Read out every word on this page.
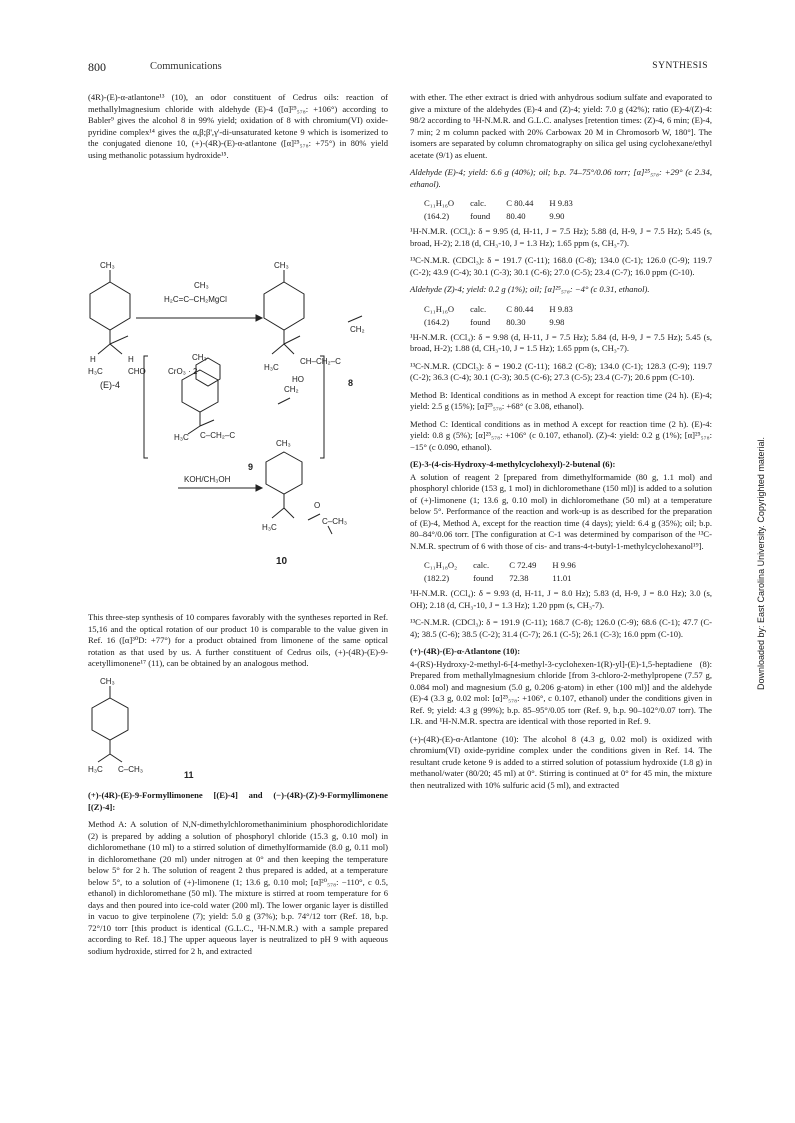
800	Communications	SYNTHESIS

(4R)-(E)-α-atlantone¹³ (10), an odor constituent of Cedrus oils: reaction of methallylmagnesium chloride with aldehyde (E)-4 ([α]²⁵₅₇₈: +106°) according to Babler⁹ gives the alcohol 8 in 99% yield; oxidation of 8 with chromium(VI) oxide-pyridine complex¹⁴ gives the α,β;β',γ'-di-unsaturated ketone 9 which is isomerized to the conjugated dienone 10, (+)-(4R)-(E)-α-atlantone ([α]²⁵₅₇₈: +75°) in 80% yield using methanolic potassium hydroxide¹⁵.

CH₃
H
H
H₃C	CHO
(E)-4
CH₃
H₂C=C–CH₂MgCl
CH₃
CH–CH₂–C
H₃C
HO
CH₂
8
CrO₃ · 2
CH₃
H₃C C–CH₂–C
CH₂
9
KOH/CH₃OH
CH₃
H₃C
C–CH₃
O
10

This three-step synthesis of 10 compares favorably with the syntheses reported in Ref. 15,16 and the optical rotation of our product 10 is comparable to the value given in Ref. 16 ([α]³⁰D: +77°) for a product obtained from limonene of the same optical rotation as that used by us. A further constituent of Cedrus oils, (+)-(4R)-(E)-9-acetyllimonene¹⁷ (11), can be obtained by an analogous method.

CH₃
H₃C C–CH₃
11

(+)-(4R)-(E)-9-Formyllimonene [(E)-4] and (−)-(4R)-(Z)-9-Formyllimonene [(Z)-4]:

Method A: A solution of N,N-dimethylchloromethaniminium phosphorodichloridate (2) is prepared by adding a solution of phosphoryl chloride (15.3 g, 0.10 mol) in dichloromethane (10 ml) to a stirred solution of dimethylformamide (8.0 g, 0.11 mol) in dichloromethane (20 ml) under nitrogen at 0° and then keeping the temperature below 5° for 2 h. The solution of reagent 2 thus prepared is added, at a temperature below 5°, to a solution of (+)-limonene (1; 13.6 g, 0.10 mol; [α]²⁰₅₇₈: −110°, c 0.5, ethanol) in dichloromethane (50 ml). The mixture is stirred at room temperature for 6 days and then poured into ice-cold water (200 ml). The lower organic layer is distilled in vacuo to give terpinolene (7); yield: 5.0 g (37%); b.p. 74°/12 torr (Ref. 18, b.p. 72°/10 torr [this product is identical (G.L.C., ¹H-N.M.R.) with a sample prepared according to Ref. 18.] The upper aqueous layer is neutralized to pH 9 with aqueous sodium hydroxide, stirred for 2 h, and extracted

with ether. The ether extract is dried with anhydrous sodium sulfate and evaporated to give a mixture of the aldehydes (E)-4 and (Z)-4; yield: 7.0 g (42%); ratio (E)-4/(Z)-4: 98/2 according to ¹H-N.M.R. and G.L.C. analyses [retention times: (Z)-4, 6 min; (E)-4, 7 min; 2 m column packed with 20% Carbowax 20 M in Chromosorb W, 180°]. The isomers are separated by column chromatography on silica gel using cyclohexane/ethyl acetate (9/1) as eluent.

Aldehyde (E)-4; yield: 6.6 g (40%); oil; b.p. 74–75°/0.06 torr; [α]²⁵₅₇₈: +29° (c 2.34, ethanol).

C₁₁H₁₆O	calc.	C 80.44	H 9.83
(164.2)	found	80.40	9.90

¹H-N.M.R. (CCl₄): δ = 9.95 (d, H-11, J = 7.5 Hz); 5.88 (d, H-9, J = 7.5 Hz); 5.45 (s, broad, H-2); 2.18 (d, CH₃-10, J = 1.3 Hz); 1.65 ppm (s, CH₃-7).

¹³C-N.M.R. (CDCl₃): δ = 191.7 (C-11); 168.0 (C-8); 134.0 (C-1); 126.0 (C-9); 119.7 (C-2); 43.9 (C-4); 30.1 (C-3); 30.1 (C-6); 27.0 (C-5); 23.4 (C-7); 16.0 ppm (C-10).

Aldehyde (Z)-4; yield: 0.2 g (1%); oil; [α]²⁵₅₇₈: −4° (c 0.31, ethanol).

C₁₁H₁₆O	calc.	C 80.44	H 9.83
(164.2)	found	80.30	9.98

¹H-N.M.R. (CCl₄): δ = 9.98 (d, H-11, J = 7.5 Hz); 5.84 (d, H-9, J = 7.5 Hz); 5.45 (s, broad, H-2); 1.88 (d, CH₃-10, J = 1.5 Hz); 1.65 ppm (s, CH₃-7).

¹³C-N.M.R. (CDCl₃): δ = 190.2 (C-11); 168.2 (C-8); 134.0 (C-1); 128.3 (C-9); 119.7 (C-2); 36.3 (C-4); 30.1 (C-3); 30.5 (C-6); 27.3 (C-5); 23.4 (C-7); 20.6 ppm (C-10).

Method B: Identical conditions as in method A except for reaction time (24 h). (E)-4; yield: 2.5 g (15%); [α]²⁵₅₇₈: +68° (c 3.08, ethanol).

Method C: Identical conditions as in method A except for reaction time (2 h). (E)-4: yield: 0.8 g (5%); [α]²⁵₅₇₈: +106° (c 0.107, ethanol). (Z)-4: yield: 0.2 g (1%); [α]²⁵₅₇₈: −15° (c 0.090, ethanol).

(E)-3-(4-cis-Hydroxy-4-methylcyclohexyl)-2-butenal (6):

A solution of reagent 2 [prepared from dimethylformamide (80 g, 1.1 mol) and phosphoryl chloride (153 g, 1 mol) in dichloromethane (150 ml)] is added to a solution of (+)-limonene (1; 13.6 g, 0.10 mol) in dichloromethane (50 ml) at a temperature below 5°. Performance of the reaction and work-up is as described for the preparation of (E)-4, Method A, except for the reaction time (4 days); yield: 6.4 g (35%); oil; b.p. 80–84°/0.06 torr. [The configuration at C-1 was determined by comparison of the ¹³C-N.M.R. spectrum of 6 with those of cis- and trans-4-t-butyl-1-methylcyclohexanol¹⁹].

C₁₁H₁₈O₂	calc.	C 72.49	H 9.96
(182.2)	found	72.38	11.01

¹H-N.M.R. (CCl₄): δ = 9.93 (d, H-11, J = 8.0 Hz); 5.83 (d, H-9, J = 8.0 Hz); 3.0 (s, OH); 2.18 (d, CH₃-10, J = 1.3 Hz); 1.20 ppm (s, CH₃-7).

¹³C-N.M.R. (CDCl₃): δ = 191.9 (C-11); 168.7 (C-8); 126.0 (C-9); 68.6 (C-1); 47.7 (C-4); 38.5 (C-6); 38.5 (C-2); 31.4 (C-7); 26.1 (C-5); 26.1 (C-3); 16.0 ppm (C-10).

(+)-(4R)-(E)-α-Atlantone (10):

4-(RS)-Hydroxy-2-methyl-6-[4-methyl-3-cyclohexen-1(R)-yl]-(E)-1,5-heptadiene (8): Prepared from methallylmagnesium chloride [from 3-chloro-2-methylpropene (7.57 g, 0.084 mol) and magnesium (5.0 g, 0.206 g-atom) in ether (100 ml)] and the aldehyde (E)-4 (3.3 g, 0.02 mol: [α]²⁵₅₇₈: +106°, c 0.107, ethanol) under the conditions given in Ref. 9; yield: 4.3 g (99%); b.p. 85–95°/0.05 torr (Ref. 9, b.p. 90–102°/0.07 torr). The I.R. and ¹H-N.M.R. spectra are identical with those reported in Ref. 9.

(+)-(4R)-(E)-α-Atlantone (10): The alcohol 8 (4.3 g, 0.02 mol) is oxidized with chromium(VI) oxide-pyridine complex under the conditions given in Ref. 14. The resultant crude ketone 9 is added to a stirred solution of potassium hydroxide (1.8 g) in methanol/water (80/20; 45 ml) at 0°. Stirring is continued at 0° for 45 min, the mixture then neutralized with 10% sulfuric acid (5 ml), and extracted

Downloaded by: East Carolina University. Copyrighted material.
